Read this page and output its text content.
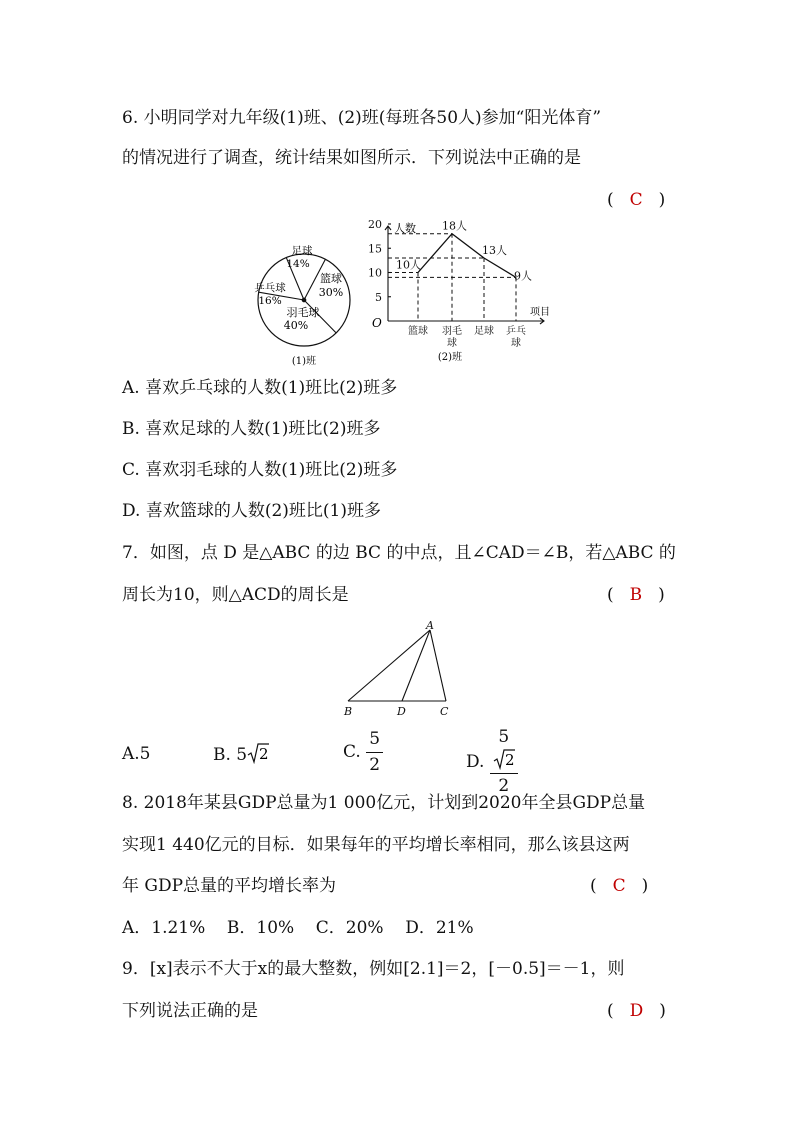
6. 小明同学对九年级(1)班、(2)班(每班各50人)参加“阳光体育”
的情况进行了调查，统计结果如图所示．下列说法中正确的是
( C )
足球
14%
篮球
30%
乒乓球
16%
羽毛球
40%
(1)班
5
10
15
20
篮球 羽毛
球
足球 乒乓
球
10人
18人
13人
9人
人数
项目
O
(2)班
A. 喜欢乒乓球的人数(1)班比(2)班多
B. 喜欢足球的人数(1)班比(2)班多
C. 喜欢羽毛球的人数(1)班比(2)班多
D. 喜欢篮球的人数(2)班比(1)班多
7．如图，点 D 是△ABC 的边 BC 的中点，且∠CAD＝∠B，若△ABC 的
周长为10，则△ACD的周长是	( B )
A
B	D	C
A.5	B. 5 2	C. $\frac{5}{2}$	D. 5
2
2
8. 2018年某县GDP总量为1 000亿元，计划到2020年全县GDP总量
实现1 440亿元的目标．如果每年的平均增长率相同，那么该县这两
年 GDP总量的平均增长率为	( C )
A．1.21%    B．10%    C．20%    D．21%
9．[x]表示不大于x的最大整数，例如[2.1]＝2，[－0.5]＝－1，则
下列说法正确的是	( D )
